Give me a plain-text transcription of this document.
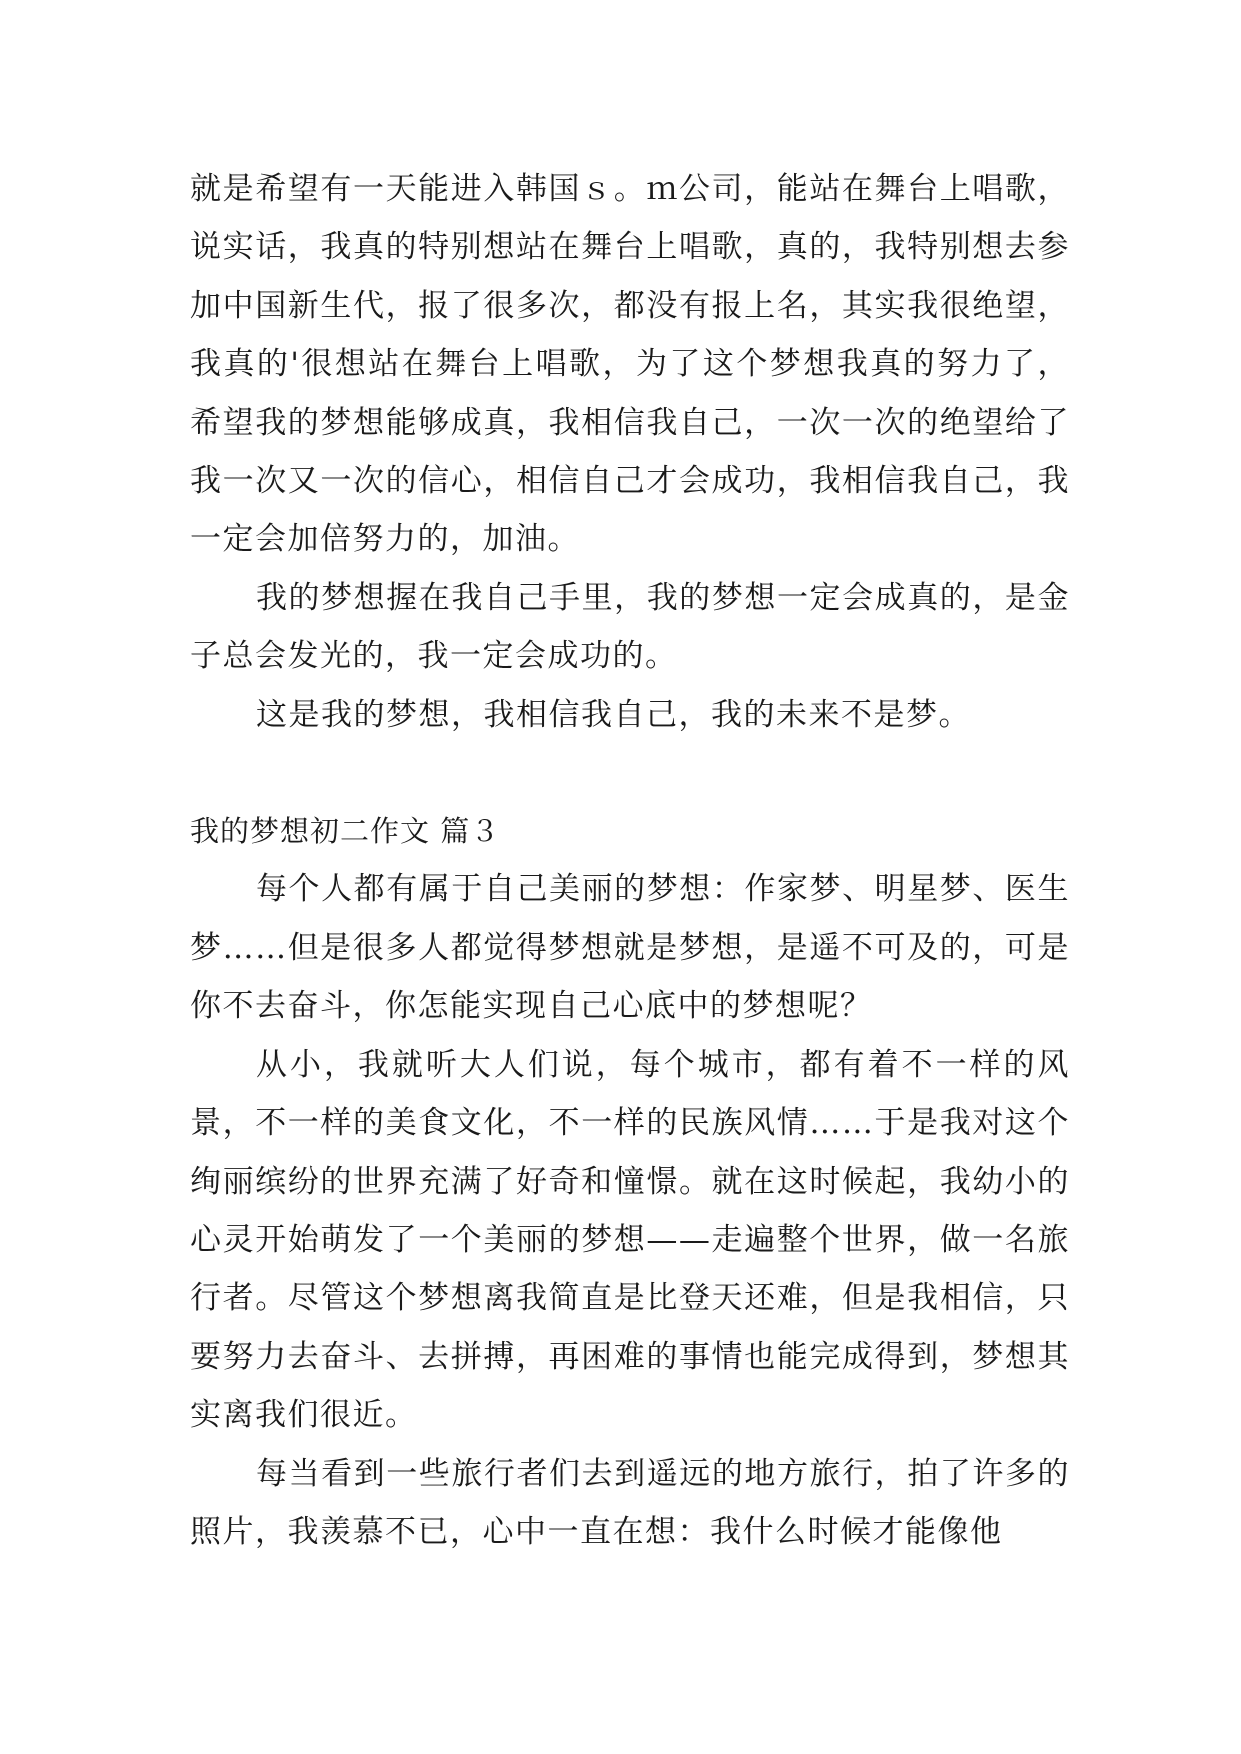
就是希望有一天能进入韩国ｓ。ｍ公司，能站在舞台上唱歌，说实话，我真的特别想站在舞台上唱歌，真的，我特别想去参加中国新生代，报了很多次，都没有报上名，其实我很绝望，我真的'很想站在舞台上唱歌，为了这个梦想我真的努力了，希望我的梦想能够成真，我相信我自己，一次一次的绝望给了我一次又一次的信心，相信自己才会成功，我相信我自己，我一定会加倍努力的，加油。

我的梦想握在我自己手里，我的梦想一定会成真的，是金子总会发光的，我一定会成功的。

这是我的梦想，我相信我自己，我的未来不是梦。

我的梦想初二作文 篇３

每个人都有属于自己美丽的梦想：作家梦、明星梦、医生梦……但是很多人都觉得梦想就是梦想，是遥不可及的，可是你不去奋斗，你怎能实现自己心底中的梦想呢？

从小，我就听大人们说，每个城市，都有着不一样的风景，不一样的美食文化，不一样的民族风情……于是我对这个绚丽缤纷的世界充满了好奇和憧憬。就在这时候起，我幼小的心灵开始萌发了一个美丽的梦想——走遍整个世界，做一名旅行者。尽管这个梦想离我简直是比登天还难，但是我相信，只要努力去奋斗、去拼搏，再困难的事情也能完成得到，梦想其实离我们很近。

每当看到一些旅行者们去到遥远的地方旅行，拍了许多的照片，我羡慕不已，心中一直在想：我什么时候才能像他
